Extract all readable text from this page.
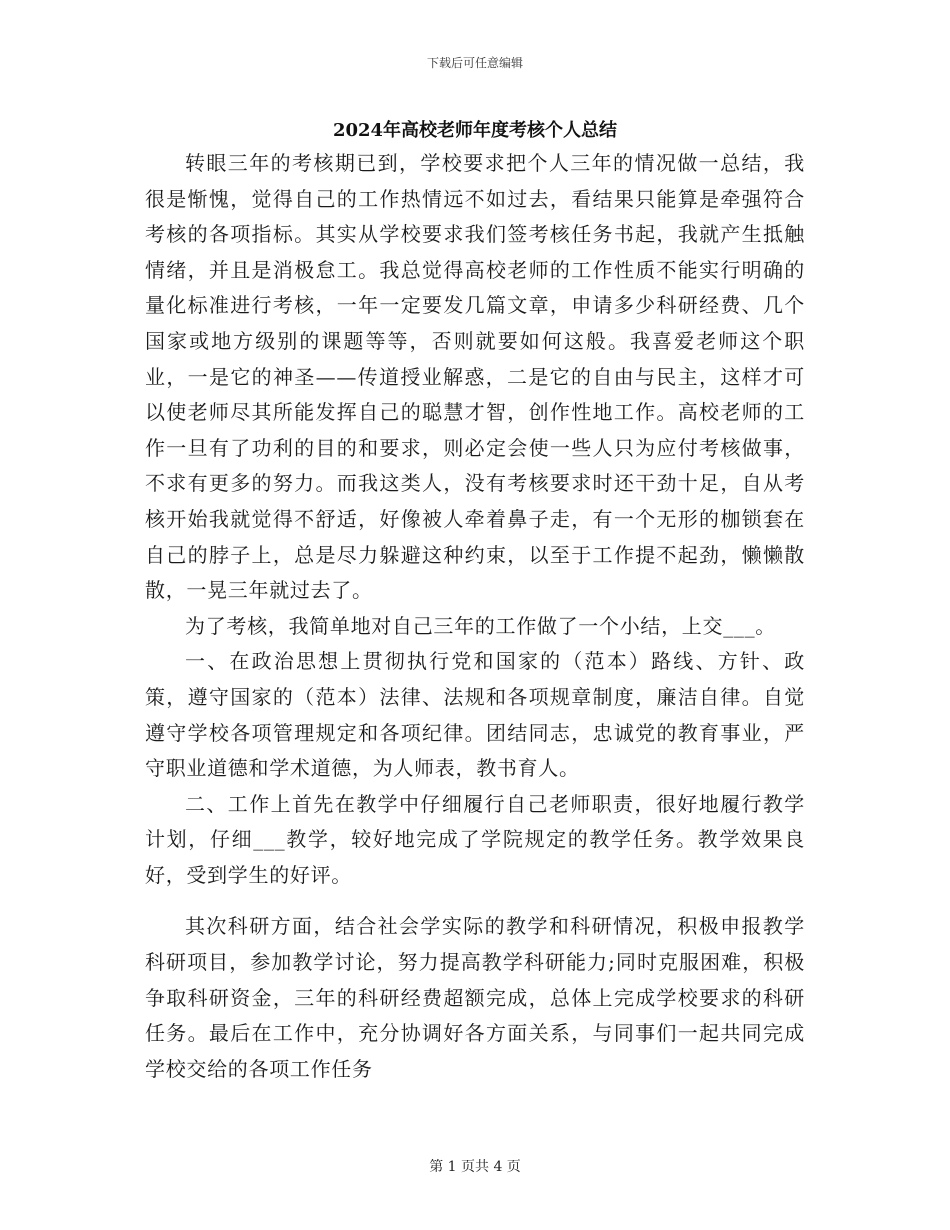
下载后可任意编辑
2024年高校老师年度考核个人总结

转眼三年的考核期已到，学校要求把个人三年的情况做一总结，我很是惭愧，觉得自己的工作热情远不如过去，看结果只能算是牵强符合考核的各项指标。其实从学校要求我们签考核任务书起，我就产生抵触情绪，并且是消极怠工。我总觉得高校老师的工作性质不能实行明确的量化标准进行考核，一年一定要发几篇文章，申请多少科研经费、几个国家或地方级别的课题等等，否则就要如何这般。我喜爱老师这个职业，一是它的神圣——传道授业解惑，二是它的自由与民主，这样才可以使老师尽其所能发挥自己的聪慧才智，创作性地工作。高校老师的工作一旦有了功利的目的和要求，则必定会使一些人只为应付考核做事，不求有更多的努力。而我这类人，没有考核要求时还干劲十足，自从考核开始我就觉得不舒适，好像被人牵着鼻子走，有一个无形的枷锁套在自己的脖子上，总是尽力躲避这种约束，以至于工作提不起劲，懒懒散散，一晃三年就过去了。

为了考核，我简单地对自己三年的工作做了一个小结，上交___。

一、在政治思想上贯彻执行党和国家的（范本）路线、方针、政策，遵守国家的（范本）法律、法规和各项规章制度，廉洁自律。自觉遵守学校各项管理规定和各项纪律。团结同志，忠诚党的教育事业，严守职业道德和学术道德，为人师表，教书育人。

二、工作上首先在教学中仔细履行自己老师职责，很好地履行教学计划，仔细___教学，较好地完成了学院规定的教学任务。教学效果良好，受到学生的好评。

其次科研方面，结合社会学实际的教学和科研情况，积极申报教学科研项目，参加教学讨论，努力提高教学科研能力;同时克服困难，积极争取科研资金，三年的科研经费超额完成，总体上完成学校要求的科研任务。最后在工作中，充分协调好各方面关系，与同事们一起共同完成学校交给的各项工作任务

第 1 页共 4 页
